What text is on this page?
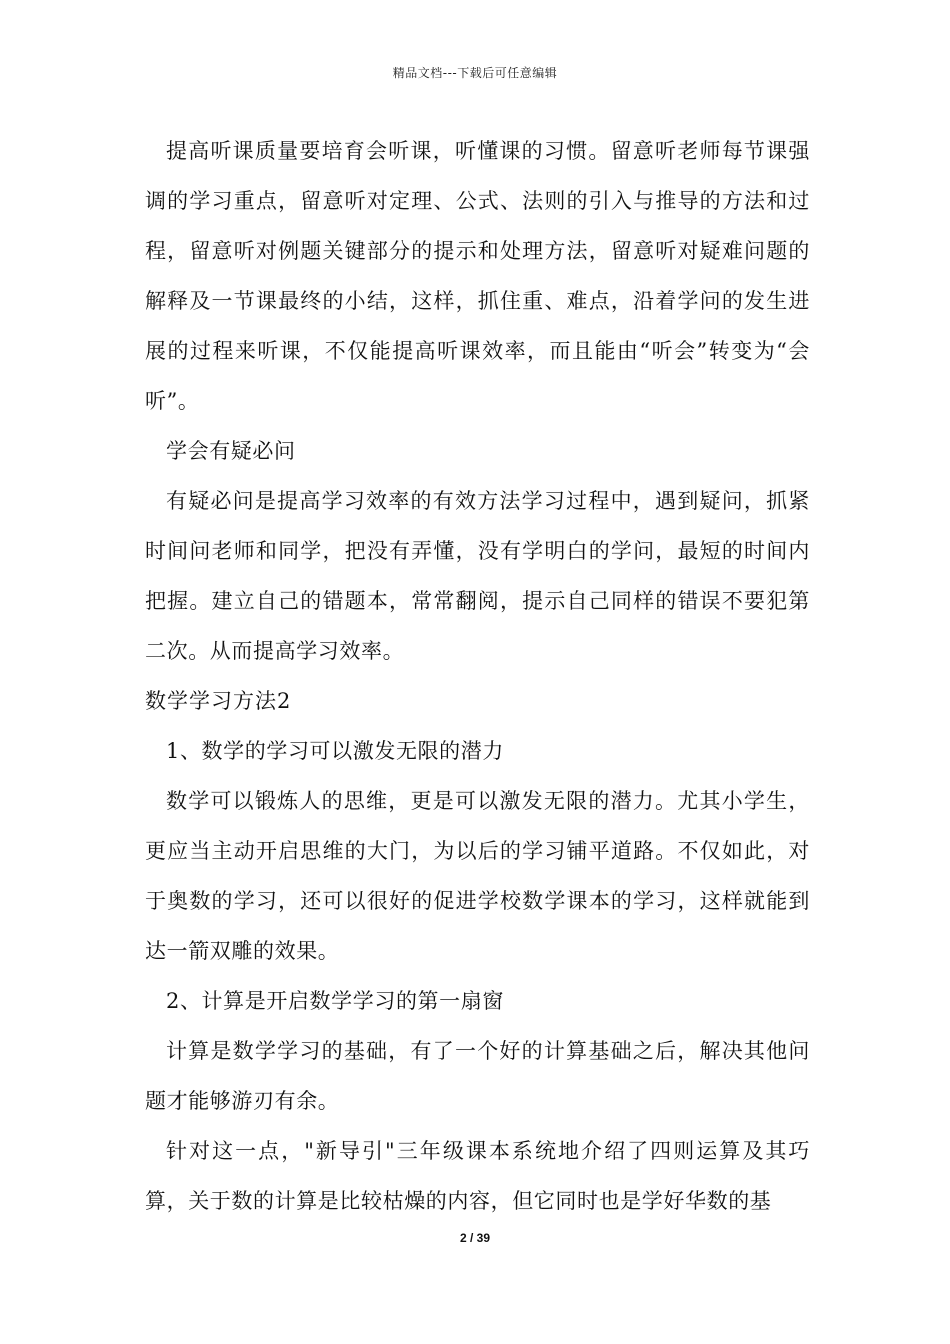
精品文档---下载后可任意编辑

提高听课质量要培育会听课，听懂课的习惯。留意听老师每节课强调的学习重点，留意听对定理、公式、法则的引入与推导的方法和过程，留意听对例题关键部分的提示和处理方法，留意听对疑难问题的解释及一节课最终的小结，这样，抓住重、难点，沿着学问的发生进展的过程来听课，不仅能提高听课效率，而且能由“听会”转变为“会听”。

学会有疑必问

有疑必问是提高学习效率的有效方法学习过程中，遇到疑问，抓紧时间问老师和同学，把没有弄懂，没有学明白的学问，最短的时间内把握。建立自己的错题本，常常翻阅，提示自己同样的错误不要犯第二次。从而提高学习效率。

数学学习方法2

1、数学的学习可以激发无限的潜力

数学可以锻炼人的思维，更是可以激发无限的潜力。尤其小学生，更应当主动开启思维的大门，为以后的学习铺平道路。不仅如此，对于奥数的学习，还可以很好的促进学校数学课本的学习，这样就能到达一箭双雕的效果。

2、计算是开启数学学习的第一扇窗

计算是数学学习的基础，有了一个好的计算基础之后，解决其他问题才能够游刃有余。

针对这一点，"新导引"三年级课本系统地介绍了四则运算及其巧算，关于数的计算是比较枯燥的内容，但它同时也是学好华数的基

2 / 39
